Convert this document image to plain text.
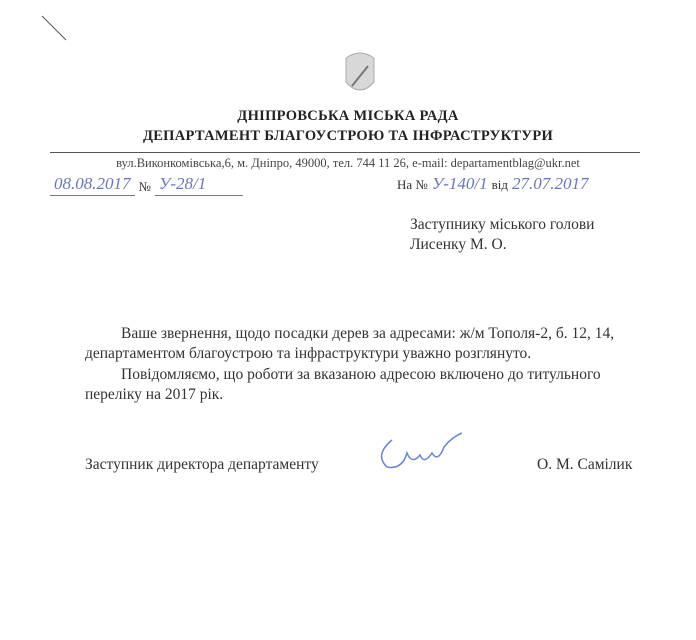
ДНІПРОВСЬКА МІСЬКА РАДА
ДЕПАРТАМЕНТ БЛАГОУСТРОЮ ТА ІНФРАСТРУКТУРИ
вул.Виконкомівська,6, м. Дніпро, 49000, тел. 744 11 26, e-mail: departamentblag@ukr.net
08.08.2017 № У-28/1	На № У-140/1 від 27.07.2017
Заступнику міського голови
Лисенку М. О.
Ваше звернення, щодо посадки дерев за адресами: ж/м Тополя-2, б. 12, 14,
департаментом благоустрою та інфраструктури уважно розглянуто.
Повідомляємо, що роботи за вказаною адресою включено до титульного
переліку на 2017 рік.
Заступник директора департаменту	О. М. Самілик
